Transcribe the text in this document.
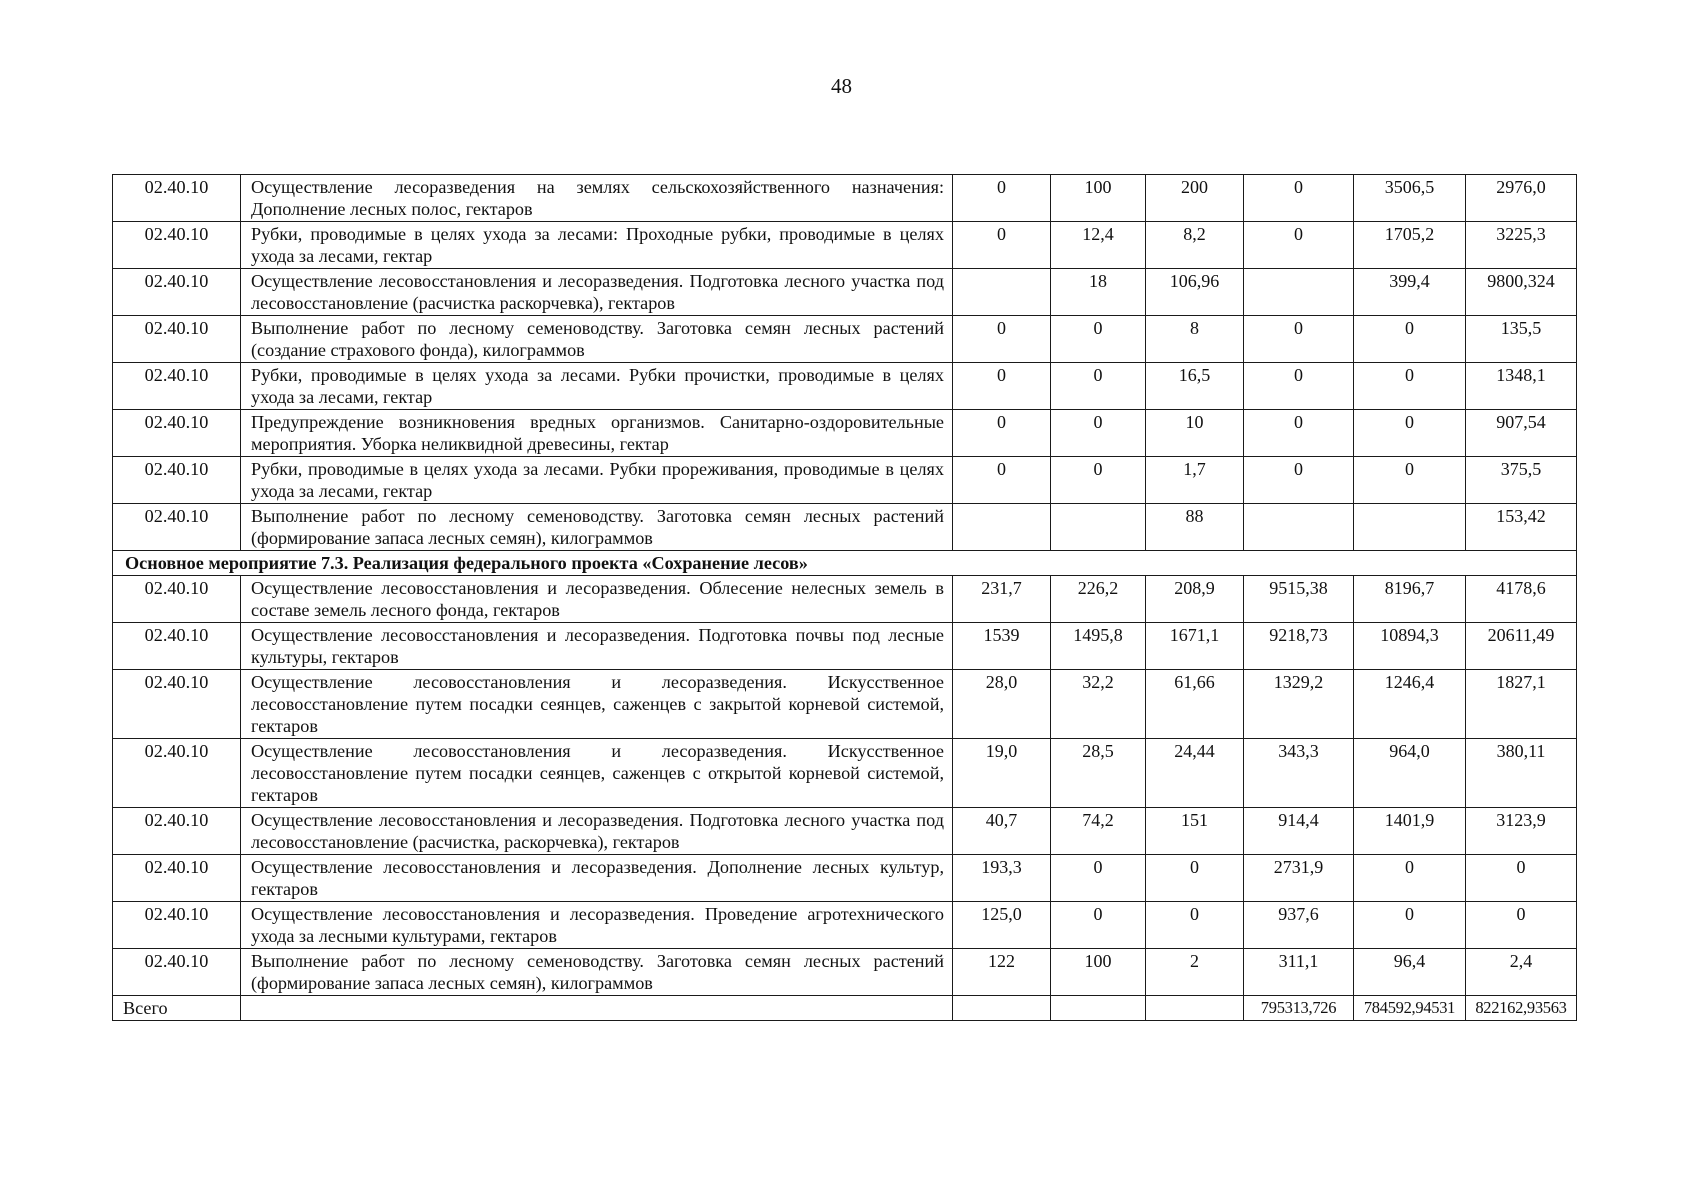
48
02.40.10	Осуществление лесоразведения на землях сельскохозяйственного назначения: Дополнение лесных полос, гектаров	0	100	200	0	3506,5	2976,0
02.40.10	Рубки, проводимые в целях ухода за лесами: Проходные рубки, проводимые в целях ухода за лесами, гектар	0	12,4	8,2	0	1705,2	3225,3
02.40.10	Осуществление лесовосстановления и лесоразведения. Подготовка лесного участка под лесовосстановление (расчистка раскорчевка), гектаров		18	106,96		399,4	9800,324
02.40.10	Выполнение работ по лесному семеноводству. Заготовка семян лесных растений (создание страхового фонда), килограммов	0	0	8	0	0	135,5
02.40.10	Рубки, проводимые в целях ухода за лесами. Рубки прочистки, проводимые в целях ухода за лесами, гектар	0	0	16,5	0	0	1348,1
02.40.10	Предупреждение возникновения вредных организмов. Санитарно-оздоровительные мероприятия. Уборка неликвидной древесины, гектар	0	0	10	0	0	907,54
02.40.10	Рубки, проводимые в целях ухода за лесами. Рубки прореживания, проводимые в целях ухода за лесами, гектар	0	0	1,7	0	0	375,5
02.40.10	Выполнение работ по лесному семеноводству. Заготовка семян лесных растений (формирование запаса лесных семян), килограммов			88			153,42
Основное мероприятие 7.3. Реализация федерального проекта «Сохранение лесов»							
02.40.10	Осуществление лесовосстановления и лесоразведения. Облесение нелесных земель в составе земель лесного фонда, гектаров	231,7	226,2	208,9	9515,38	8196,7	4178,6
02.40.10	Осуществление лесовосстановления и лесоразведения. Подготовка почвы под лесные культуры, гектаров	1539	1495,8	1671,1	9218,73	10894,3	20611,49
02.40.10	Осуществление лесовосстановления и лесоразведения. Искусственное лесовосстановление путем посадки сеянцев, саженцев с закрытой корневой системой, гектаров	28,0	32,2	61,66	1329,2	1246,4	1827,1
02.40.10	Осуществление лесовосстановления и лесоразведения. Искусственное лесовосстановление путем посадки сеянцев, саженцев с открытой корневой системой, гектаров	19,0	28,5	24,44	343,3	964,0	380,11
02.40.10	Осуществление лесовосстановления и лесоразведения. Подготовка лесного участка под лесовосстановление (расчистка, раскорчевка), гектаров	40,7	74,2	151	914,4	1401,9	3123,9
02.40.10	Осуществление лесовосстановления и лесоразведения. Дополнение лесных культур, гектаров	193,3	0	0	2731,9	0	0
02.40.10	Осуществление лесовосстановления и лесоразведения. Проведение агротехнического ухода за лесными культурами, гектаров	125,0	0	0	937,6	0	0
02.40.10	Выполнение работ по лесному семеноводству. Заготовка семян лесных растений (формирование запаса лесных семян), килограммов	122	100	2	311,1	96,4	2,4
Всего					795313,726	784592,94531	822162,93563
